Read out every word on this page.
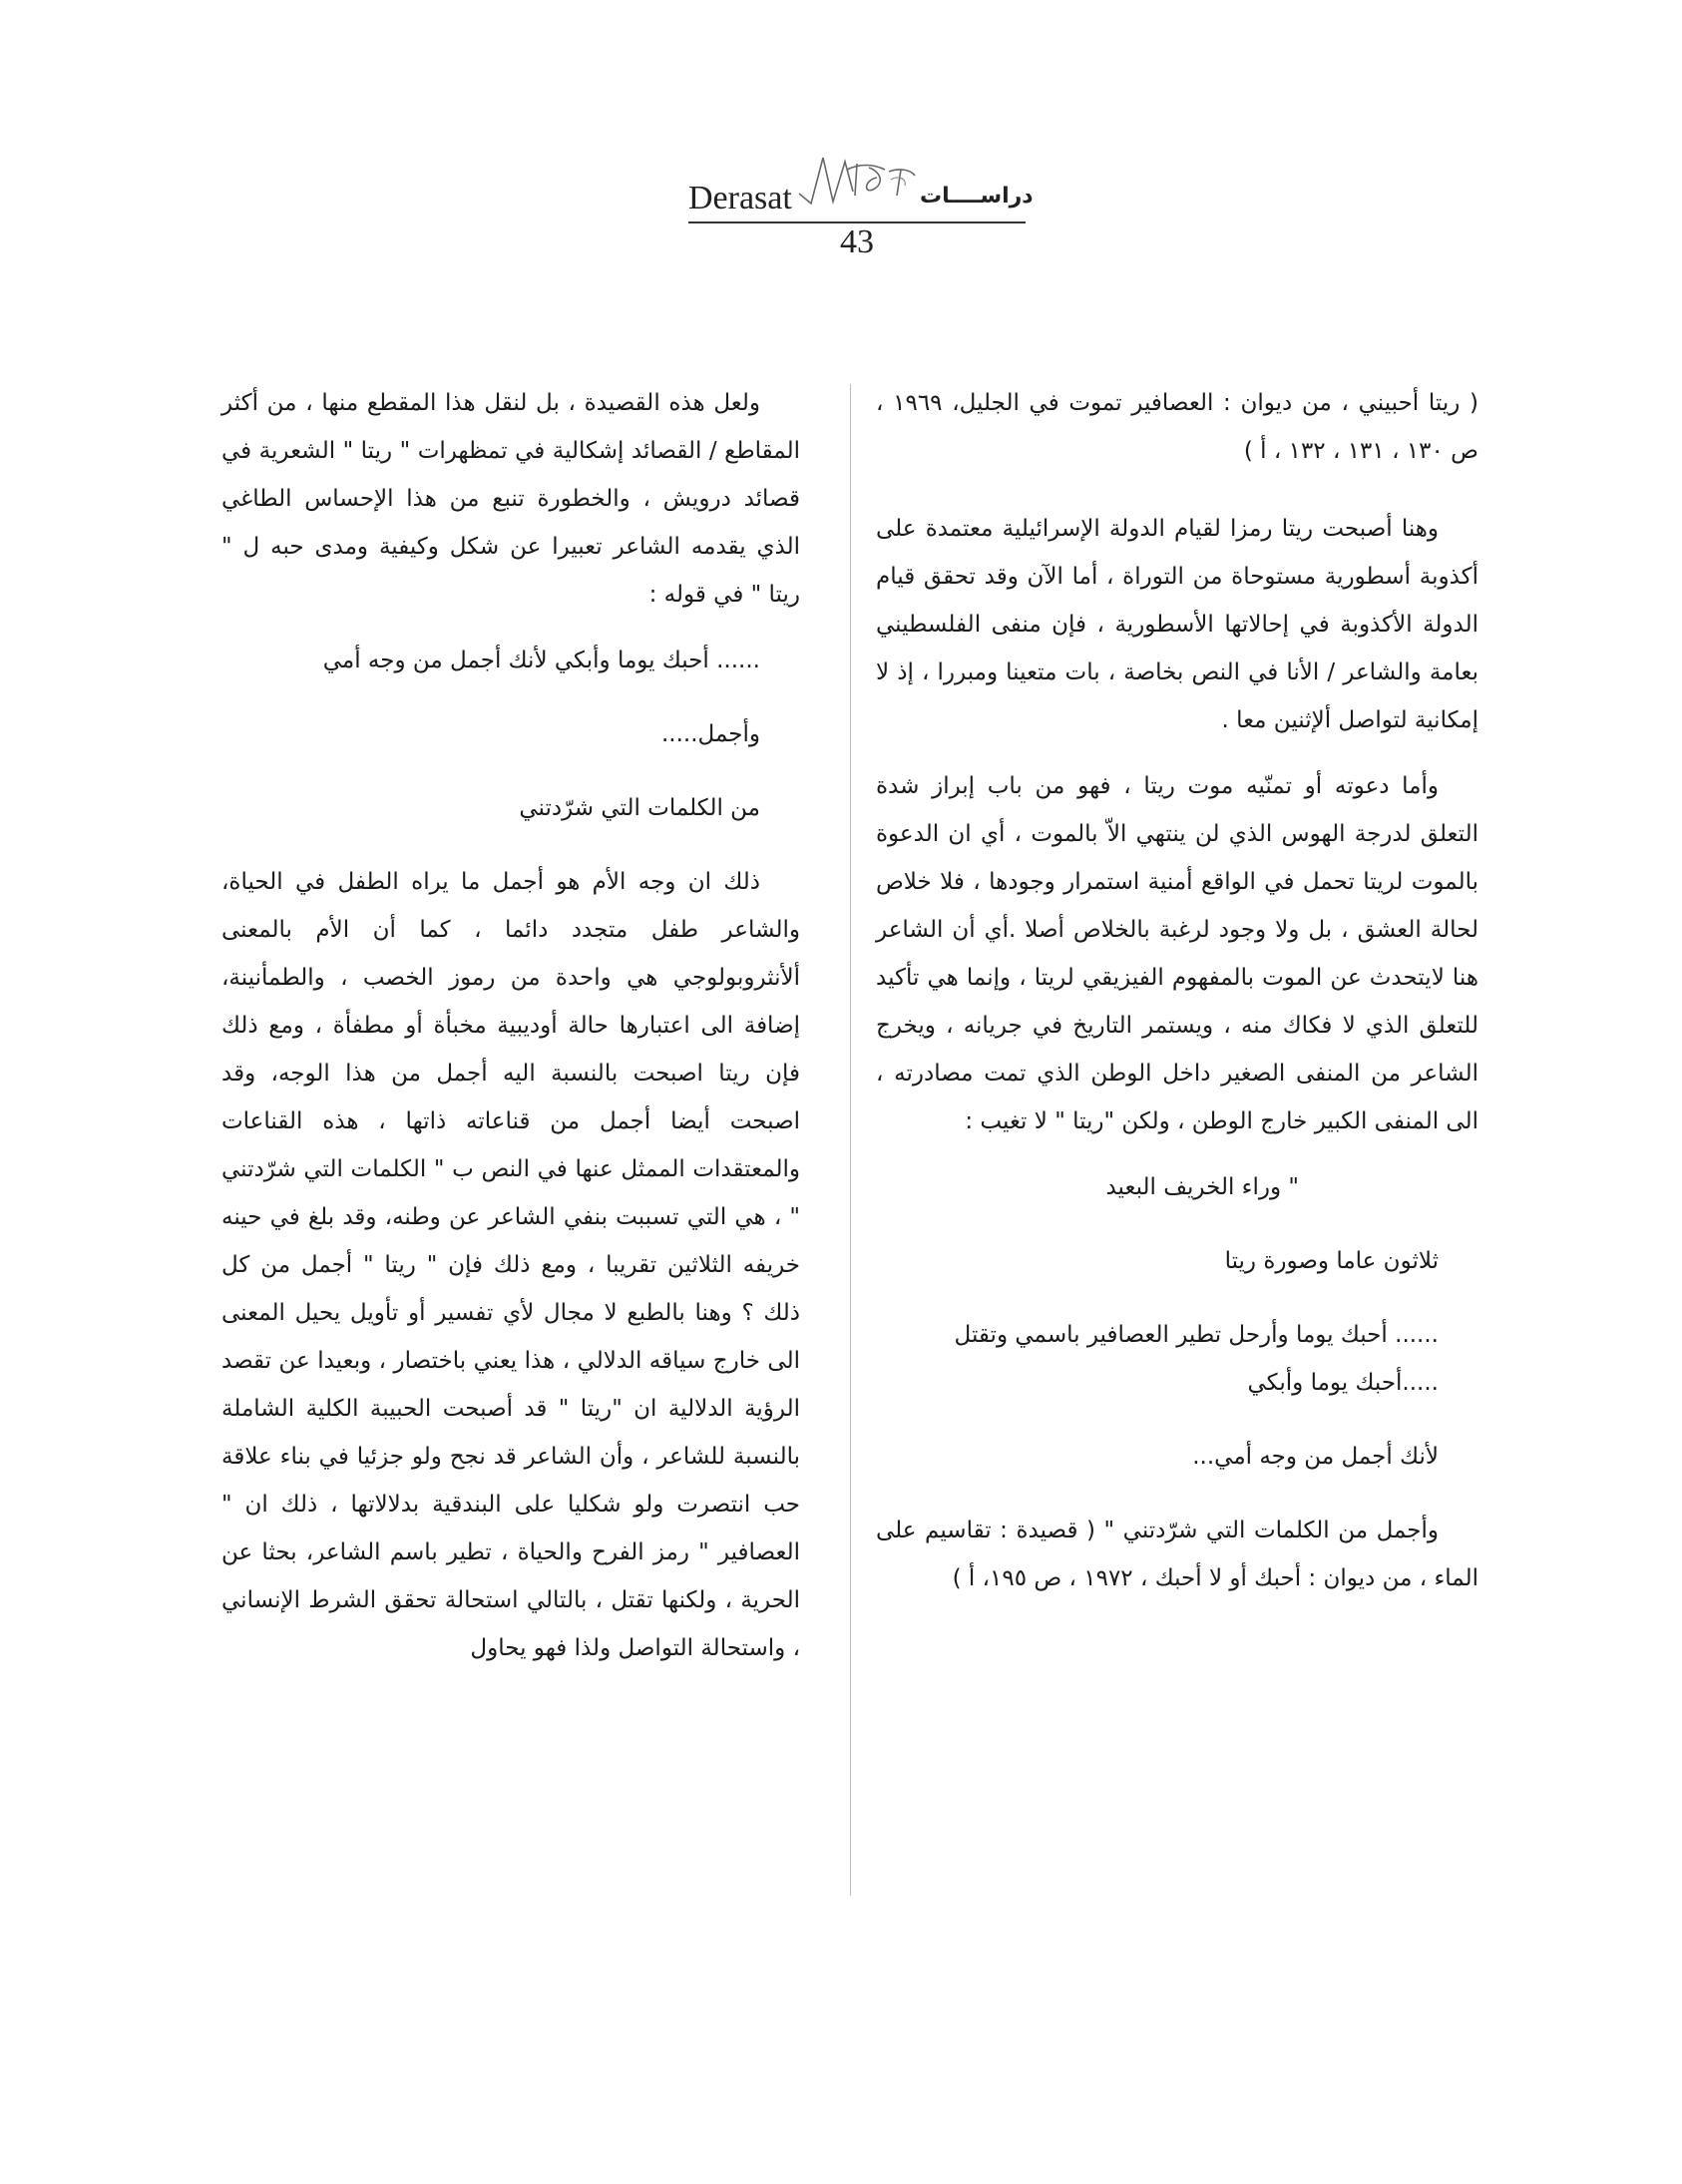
Derasat	دراســــات
43

( ريتا أحبيني ، من ديوان : العصافير تموت في الجليل، ١٩٦٩ ، ص ١٣٠ ، ١٣١ ، ١٣٢ ، أ )

وهنا أصبحت ريتا رمزا لقيام الدولة الإسرائيلية معتمدة على أكذوبة أسطورية مستوحاة من التوراة ، أما الآن وقد تحقق قيام الدولة الأكذوبة في إحالاتها الأسطورية ، فإن منفى الفلسطيني بعامة والشاعر / الأنا في النص بخاصة ، بات متعينا ومبررا ، إذ لا إمكانية لتواصل ألإثنين معا .

وأما دعوته أو تمنّيه موت ريتا ، فهو من باب إبراز شدة التعلق لدرجة الهوس الذي لن ينتهي الاّ بالموت ، أي ان الدعوة بالموت لريتا تحمل في الواقع أمنية استمرار وجودها ، فلا خلاص لحالة العشق ، بل ولا وجود لرغبة بالخلاص أصلا .أي أن الشاعر هنا لايتحدث عن الموت بالمفهوم الفيزيقي لريتا ، وإنما هي تأكيد للتعلق الذي لا فكاك منه ، ويستمر التاريخ في جريانه ، ويخرج الشاعر من المنفى الصغير داخل الوطن الذي تمت مصادرته ، الى المنفى الكبير خارج الوطن ، ولكن "ريتا " لا تغيب :

" وراء الخريف البعيد

ثلاثون عاما وصورة ريتا

...... أحبك يوما وأرحل تطير العصافير باسمي وتقتل .....أحبك يوما وأبكي

لأنك أجمل من وجه أمي...

وأجمل من الكلمات التي شرّدتني " ( قصيدة : تقاسيم على الماء ، من ديوان : أحبك أو لا أحبك ، ١٩٧٢ ، ص ١٩٥، أ )

ولعل هذه القصيدة ، بل لنقل هذا المقطع منها ، من أكثر المقاطع / القصائد إشكالية في تمظهرات " ريتا " الشعرية في قصائد درويش ، والخطورة تنبع من هذا الإحساس الطاغي الذي يقدمه الشاعر تعبيرا عن شكل وكيفية ومدى حبه ل " ريتا " في قوله :

...... أحبك يوما وأبكي لأنك أجمل من وجه أمي

وأجمل.....

من الكلمات التي شرّدتني

ذلك ان وجه الأم هو أجمل ما يراه الطفل في الحياة، والشاعر طفل متجدد دائما ، كما أن الأم بالمعنى ألأنثروبولوجي هي واحدة من رموز الخصب ، والطمأنينة، إضافة الى اعتبارها حالة أوديبية مخبأة أو مطفأة ، ومع ذلك فإن ريتا اصبحت بالنسبة اليه أجمل من هذا الوجه، وقد اصبحت أيضا أجمل من قناعاته ذاتها ، هذه القناعات والمعتقدات الممثل عنها في النص ب " الكلمات التي شرّدتني " ، هي التي تسببت بنفي الشاعر عن وطنه، وقد بلغ في حينه خريفه الثلاثين تقريبا ، ومع ذلك فإن " ريتا " أجمل من كل ذلك ؟ وهنا بالطبع لا مجال لأي تفسير أو تأويل يحيل المعنى الى خارج سياقه الدلالي ، هذا يعني باختصار ، وبعيدا عن تقصد الرؤية الدلالية ان "ريتا " قد أصبحت الحبيبة الكلية الشاملة بالنسبة للشاعر ، وأن الشاعر قد نجح ولو جزئيا في بناء علاقة حب انتصرت ولو شكليا على البندقية بدلالاتها ، ذلك ان " العصافير " رمز الفرح والحياة ، تطير باسم الشاعر، بحثا عن الحرية ، ولكنها تقتل ، بالتالي استحالة تحقق الشرط الإنساني ، واستحالة التواصل ولذا فهو يحاول
